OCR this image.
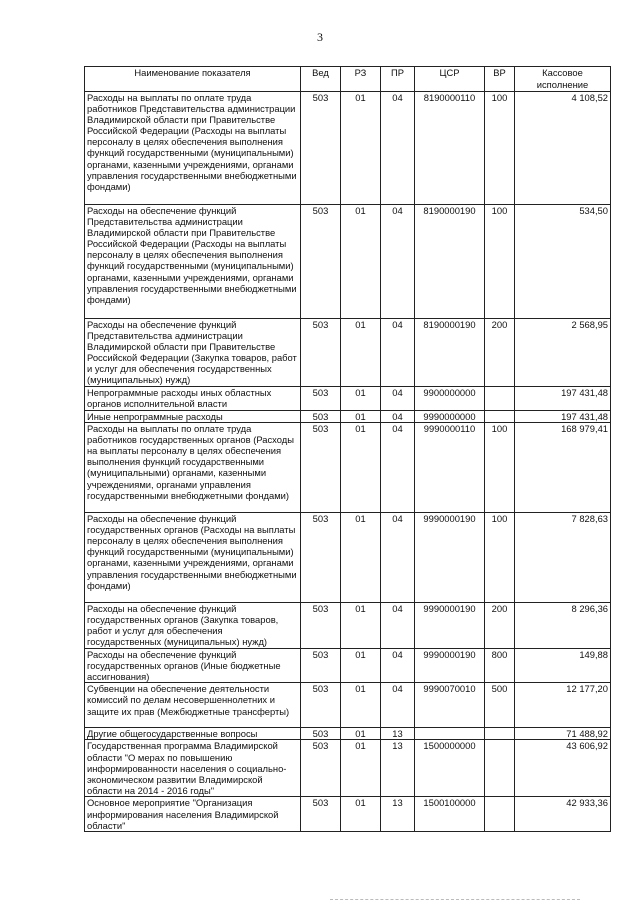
3
Наименование показателя	Вед	РЗ	ПР	ЦСР	ВР	Кассовое исполнение
Расходы на выплаты по оплате труда работников Представительства администрации Владимирской области при Правительстве Российской Федерации (Расходы на выплаты персоналу в целях обеспечения выполнения функций государственными (муниципальными) органами, казенными учреждениями, органами управления государственными внебюджетными фондами)	503	01	04	8190000110	100	4 108,52
Расходы на обеспечение функций Представительства администрации Владимирской области при Правительстве Российской Федерации (Расходы на выплаты персоналу в целях обеспечения выполнения функций государственными (муниципальными) органами, казенными учреждениями, органами управления государственными внебюджетными фондами)	503	01	04	8190000190	100	534,50
Расходы на обеспечение функций Представительства администрации Владимирской области при Правительстве Российской Федерации (Закупка товаров, работ и услуг для обеспечения государственных (муниципальных) нужд)	503	01	04	8190000190	200	2 568,95
Непрограммные расходы иных областных органов исполнительной власти	503	01	04	9900000000		197 431,48
Иные непрограммные расходы	503	01	04	9990000000		197 431,48
Расходы на выплаты по оплате труда работников государственных органов (Расходы на выплаты персоналу в целях обеспечения выполнения функций государственными (муниципальными) органами, казенными учреждениями, органами управления государственными внебюджетными фондами)	503	01	04	9990000110	100	168 979,41
Расходы на обеспечение функций государственных органов (Расходы на выплаты персоналу в целях обеспечения выполнения функций государственными (муниципальными) органами, казенными учреждениями, органами управления государственными внебюджетными фондами)	503	01	04	9990000190	100	7 828,63
Расходы на обеспечение функций государственных органов (Закупка товаров, работ и услуг для обеспечения государственных (муниципальных) нужд)	503	01	04	9990000190	200	8 296,36
Расходы на обеспечение функций государственных органов (Иные бюджетные ассигнования)	503	01	04	9990000190	800	149,88
Субвенции на обеспечение деятельности комиссий по делам несовершеннолетних и защите их прав (Межбюджетные трансферты)	503	01	04	9990070010	500	12 177,20
Другие общегосударственные вопросы	503	01	13			71 488,92
Государственная программа Владимирской области "О мерах по повышению информированности населения о социально-экономическом развитии Владимирской области на 2014 - 2016 годы"	503	01	13	1500000000		43 606,92
Основное мероприятие "Организация информирования населения Владимирской области"	503	01	13	1500100000		42 933,36
